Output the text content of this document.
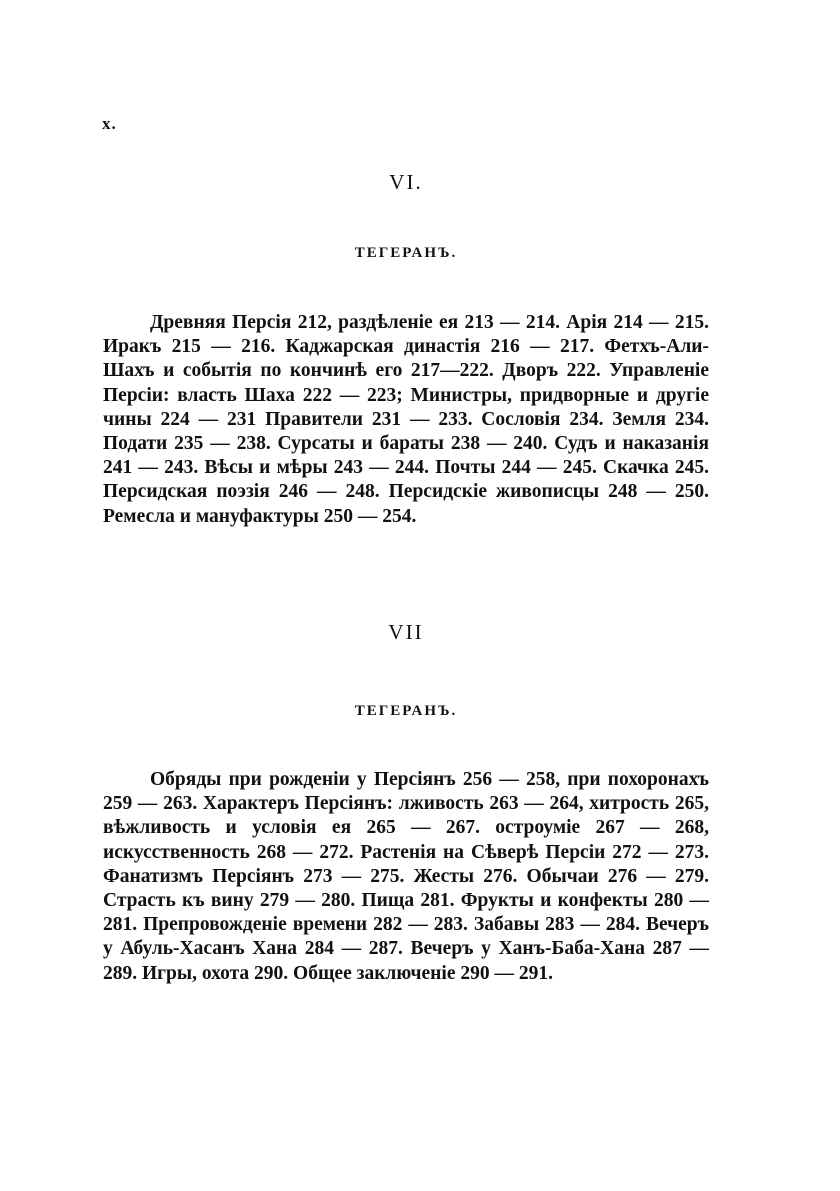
x.
VI.
ТЕГЕРАНЪ.

Древняя Персія 212, раздѣленіе ея 213 — 214. Арія 214 — 215. Иракъ 215 — 216. Каджарская династія 216 — 217. Фетхъ-Али-Шахъ и событія по кончинѣ его 217—222. Дворъ 222. Управленіе Персіи: власть Шаха 222 — 223; Министры, придворные и другіе чины 224 — 231 Правители 231 — 233. Сословія 234. Земля 234. Подати 235 — 238. Сурсаты и бараты 238 — 240. Судъ и наказанія 241 — 243. Вѣсы и мѣры 243 — 244. Почты 244 — 245. Скачка 245. Персидская поэзія 246 — 248. Персидскіе живописцы 248 — 250. Ремесла и мануфактуры 250 — 254.

VII
ТЕГЕРАНЪ.

Обряды при рожденіи у Персіянъ 256 — 258, при похоронахъ 259 — 263. Характеръ Персіянъ: лживость 263 — 264, хитрость 265, вѣжливость и условія ея 265 — 267. остроуміе 267 — 268, искусственность 268 — 272. Растенія на Сѣверѣ Персіи 272 — 273. Фанатизмъ Персіянъ 273 — 275. Жесты 276. Обычаи 276 — 279. Страсть къ вину 279 — 280. Пища 281. Фрукты и конфекты 280 — 281. Препровожденіе времени 282 — 283. Забавы 283 — 284. Вечеръ у Абуль-Хасанъ Хана 284 — 287. Вечеръ у Ханъ-Баба-Хана 287 — 289. Игры, охота 290. Общее заключеніе 290 — 291.
